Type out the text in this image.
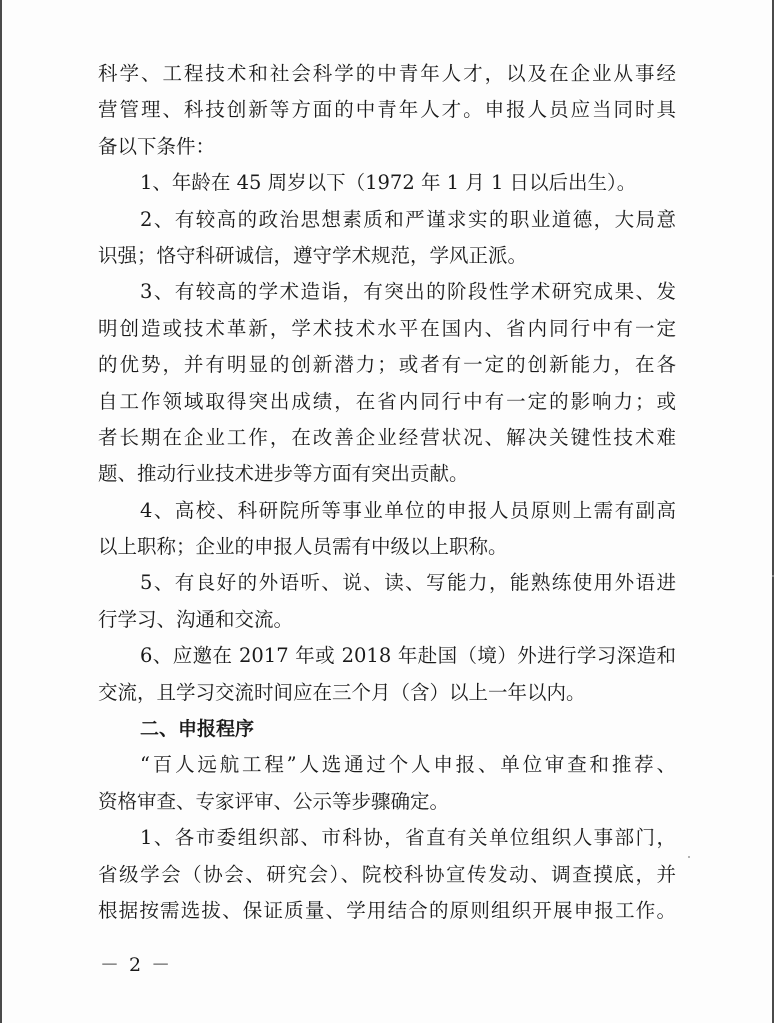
科学、工程技术和社会科学的中青年人才，以及在企业从事经
营管理、科技创新等方面的中青年人才。申报人员应当同时具
备以下条件：
1、年龄在 45 周岁以下（1972 年 1 月 1 日以后出生）。
2、有较高的政治思想素质和严谨求实的职业道德，大局意
识强；恪守科研诚信，遵守学术规范，学风正派。
3、有较高的学术造诣，有突出的阶段性学术研究成果、发
明创造或技术革新，学术技术水平在国内、省内同行中有一定
的优势，并有明显的创新潜力；或者有一定的创新能力，在各
自工作领域取得突出成绩，在省内同行中有一定的影响力；或
者长期在企业工作，在改善企业经营状况、解决关键性技术难
题、推动行业技术进步等方面有突出贡献。
4、高校、科研院所等事业单位的申报人员原则上需有副高
以上职称；企业的申报人员需有中级以上职称。
5、有良好的外语听、说、读、写能力，能熟练使用外语进
行学习、沟通和交流。
6、应邀在 2017 年或 2018 年赴国（境）外进行学习深造和
交流，且学习交流时间应在三个月（含）以上一年以内。
二、申报程序
“百人远航工程”人选通过个人申报、单位审查和推荐、
资格审查、专家评审、公示等步骤确定。
1、各市委组织部、市科协，省直有关单位组织人事部门，
省级学会（协会、研究会）、院校科协宣传发动、调查摸底，并
根据按需选拔、保证质量、学用结合的原则组织开展申报工作。
－ 2 －
